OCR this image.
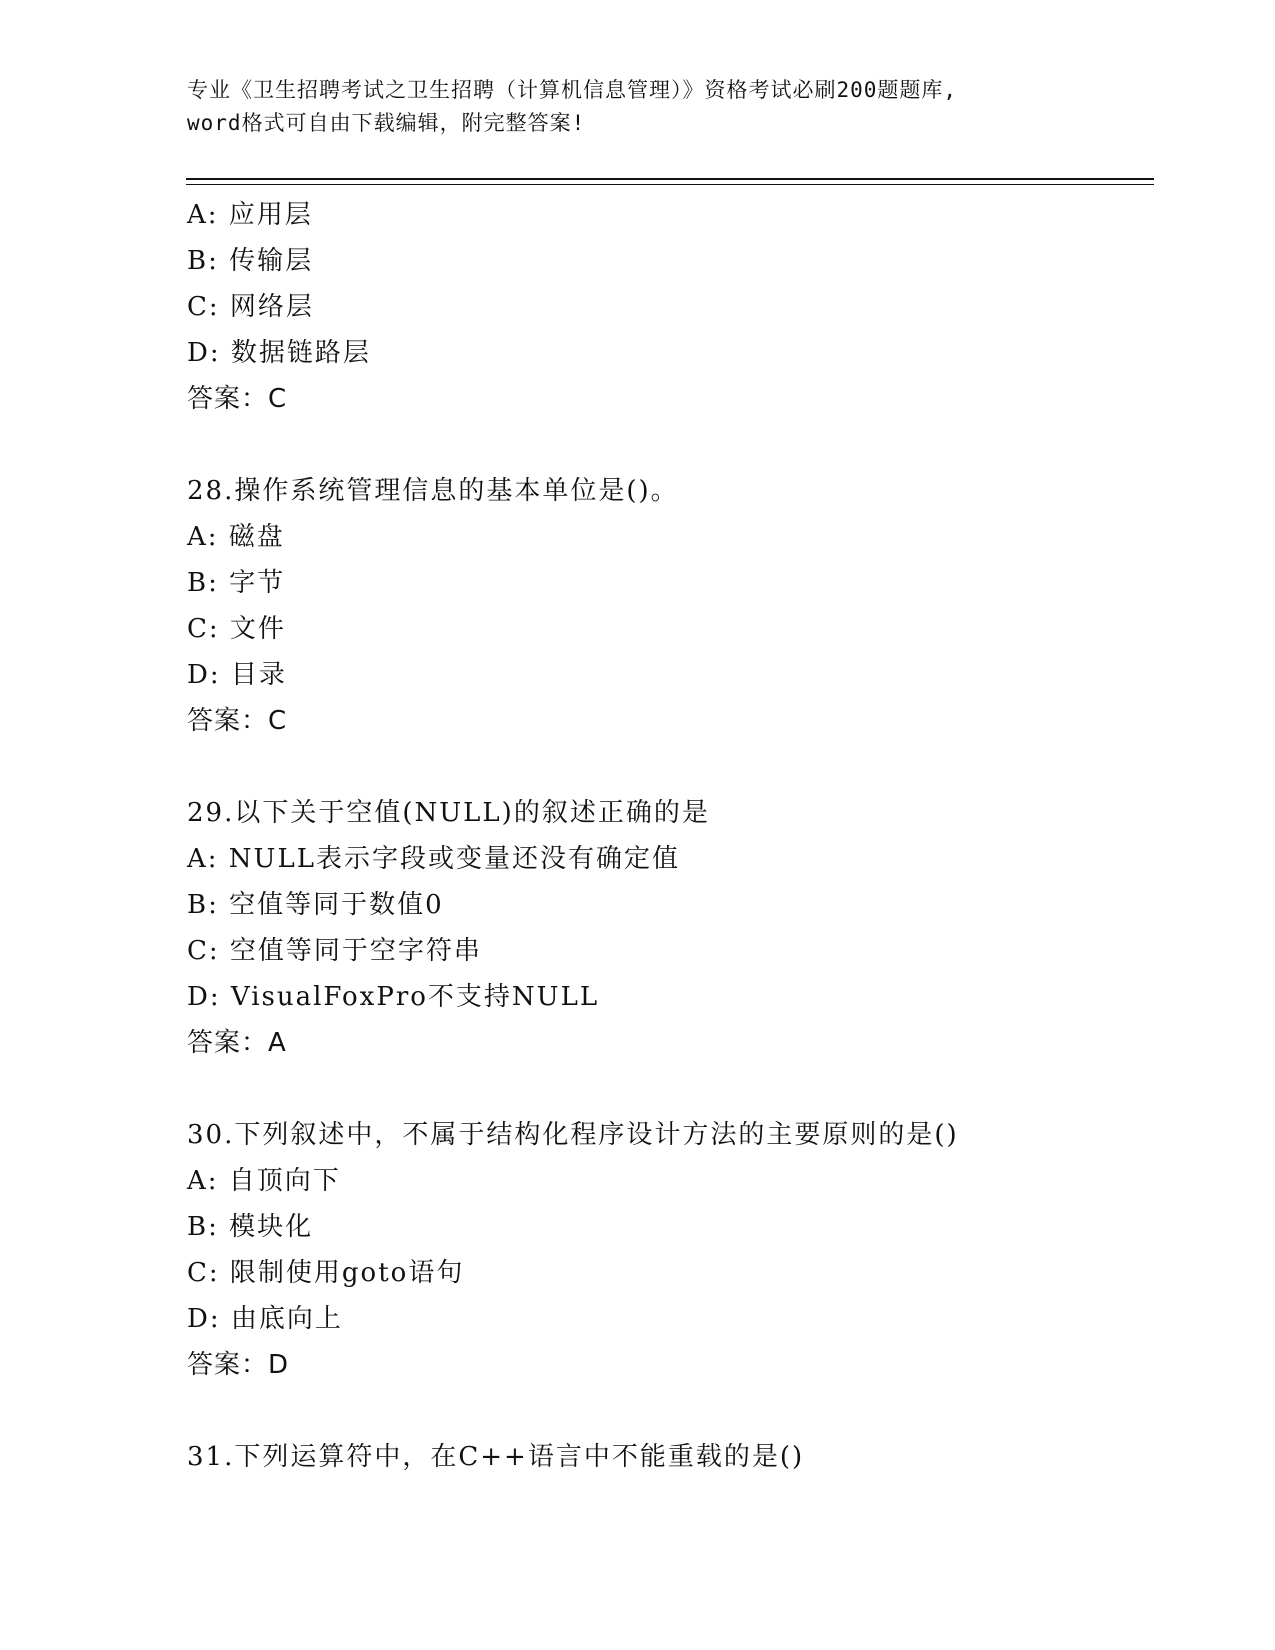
专业《卫生招聘考试之卫生招聘（计算机信息管理）》资格考试必刷200题题库,
word格式可自由下载编辑，附完整答案!
A: 应用层
B: 传输层
C: 网络层
D: 数据链路层
答案：C
28.操作系统管理信息的基本单位是()。
A: 磁盘
B: 字节
C: 文件
D: 目录
答案：C
29.以下关于空值(NULL)的叙述正确的是
A: NULL表示字段或变量还没有确定值
B: 空值等同于数值0
C: 空值等同于空字符串
D: VisualFoxPro不支持NULL
答案：A
30.下列叙述中，不属于结构化程序设计方法的主要原则的是()
A: 自顶向下
B: 模块化
C: 限制使用goto语句
D: 由底向上
答案：D
31.下列运算符中，在C++语言中不能重载的是()
